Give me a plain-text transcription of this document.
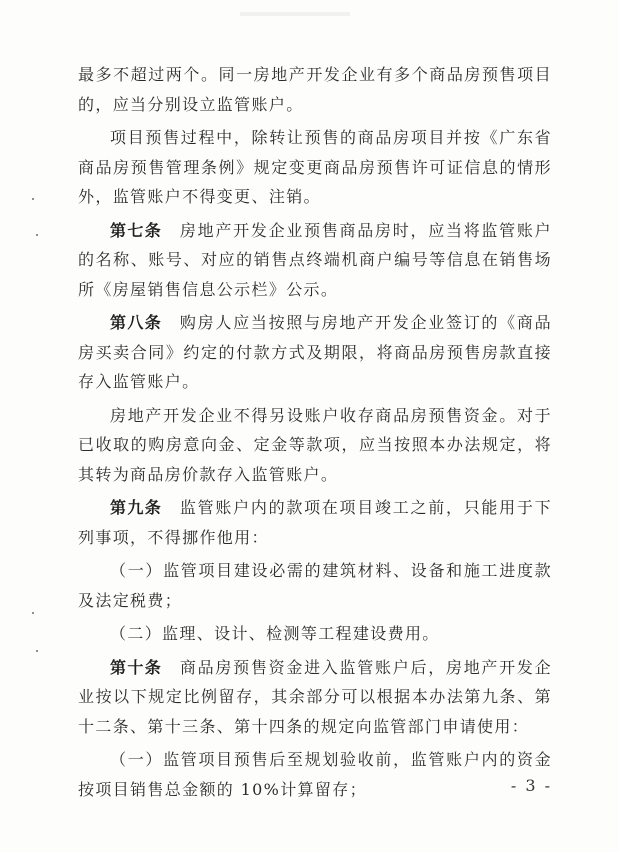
最多不超过两个。同一房地产开发企业有多个商品房预售项目的，应当分别设立监管账户。

项目预售过程中，除转让预售的商品房项目并按《广东省商品房预售管理条例》规定变更商品房预售许可证信息的情形外，监管账户不得变更、注销。

第七条　 房地产开发企业预售商品房时，应当将监管账户的名称、账号、对应的销售点终端机商户编号等信息在销售场所《房屋销售信息公示栏》公示。

第八条　 购房人应当按照与房地产开发企业签订的《商品房买卖合同》约定的付款方式及期限，将商品房预售房款直接存入监管账户。

房地产开发企业不得另设账户收存商品房预售资金。对于已收取的购房意向金、定金等款项，应当按照本办法规定，将其转为商品房价款存入监管账户。

第九条　 监管账户内的款项在项目竣工之前，只能用于下列事项，不得挪作他用：

（一）监管项目建设必需的建筑材料、设备和施工进度款及法定税费；

（二）监理、设计、检测等工程建设费用。

第十条　 商品房预售资金进入监管账户后，房地产开发企业按以下规定比例留存，其余部分可以根据本办法第九条、第十二条、第十三条、第十四条的规定向监管部门申请使用：

（一）监管项目预售后至规划验收前，监管账户内的资金按项目销售总金额的 10%计算留存；	- 3 -
